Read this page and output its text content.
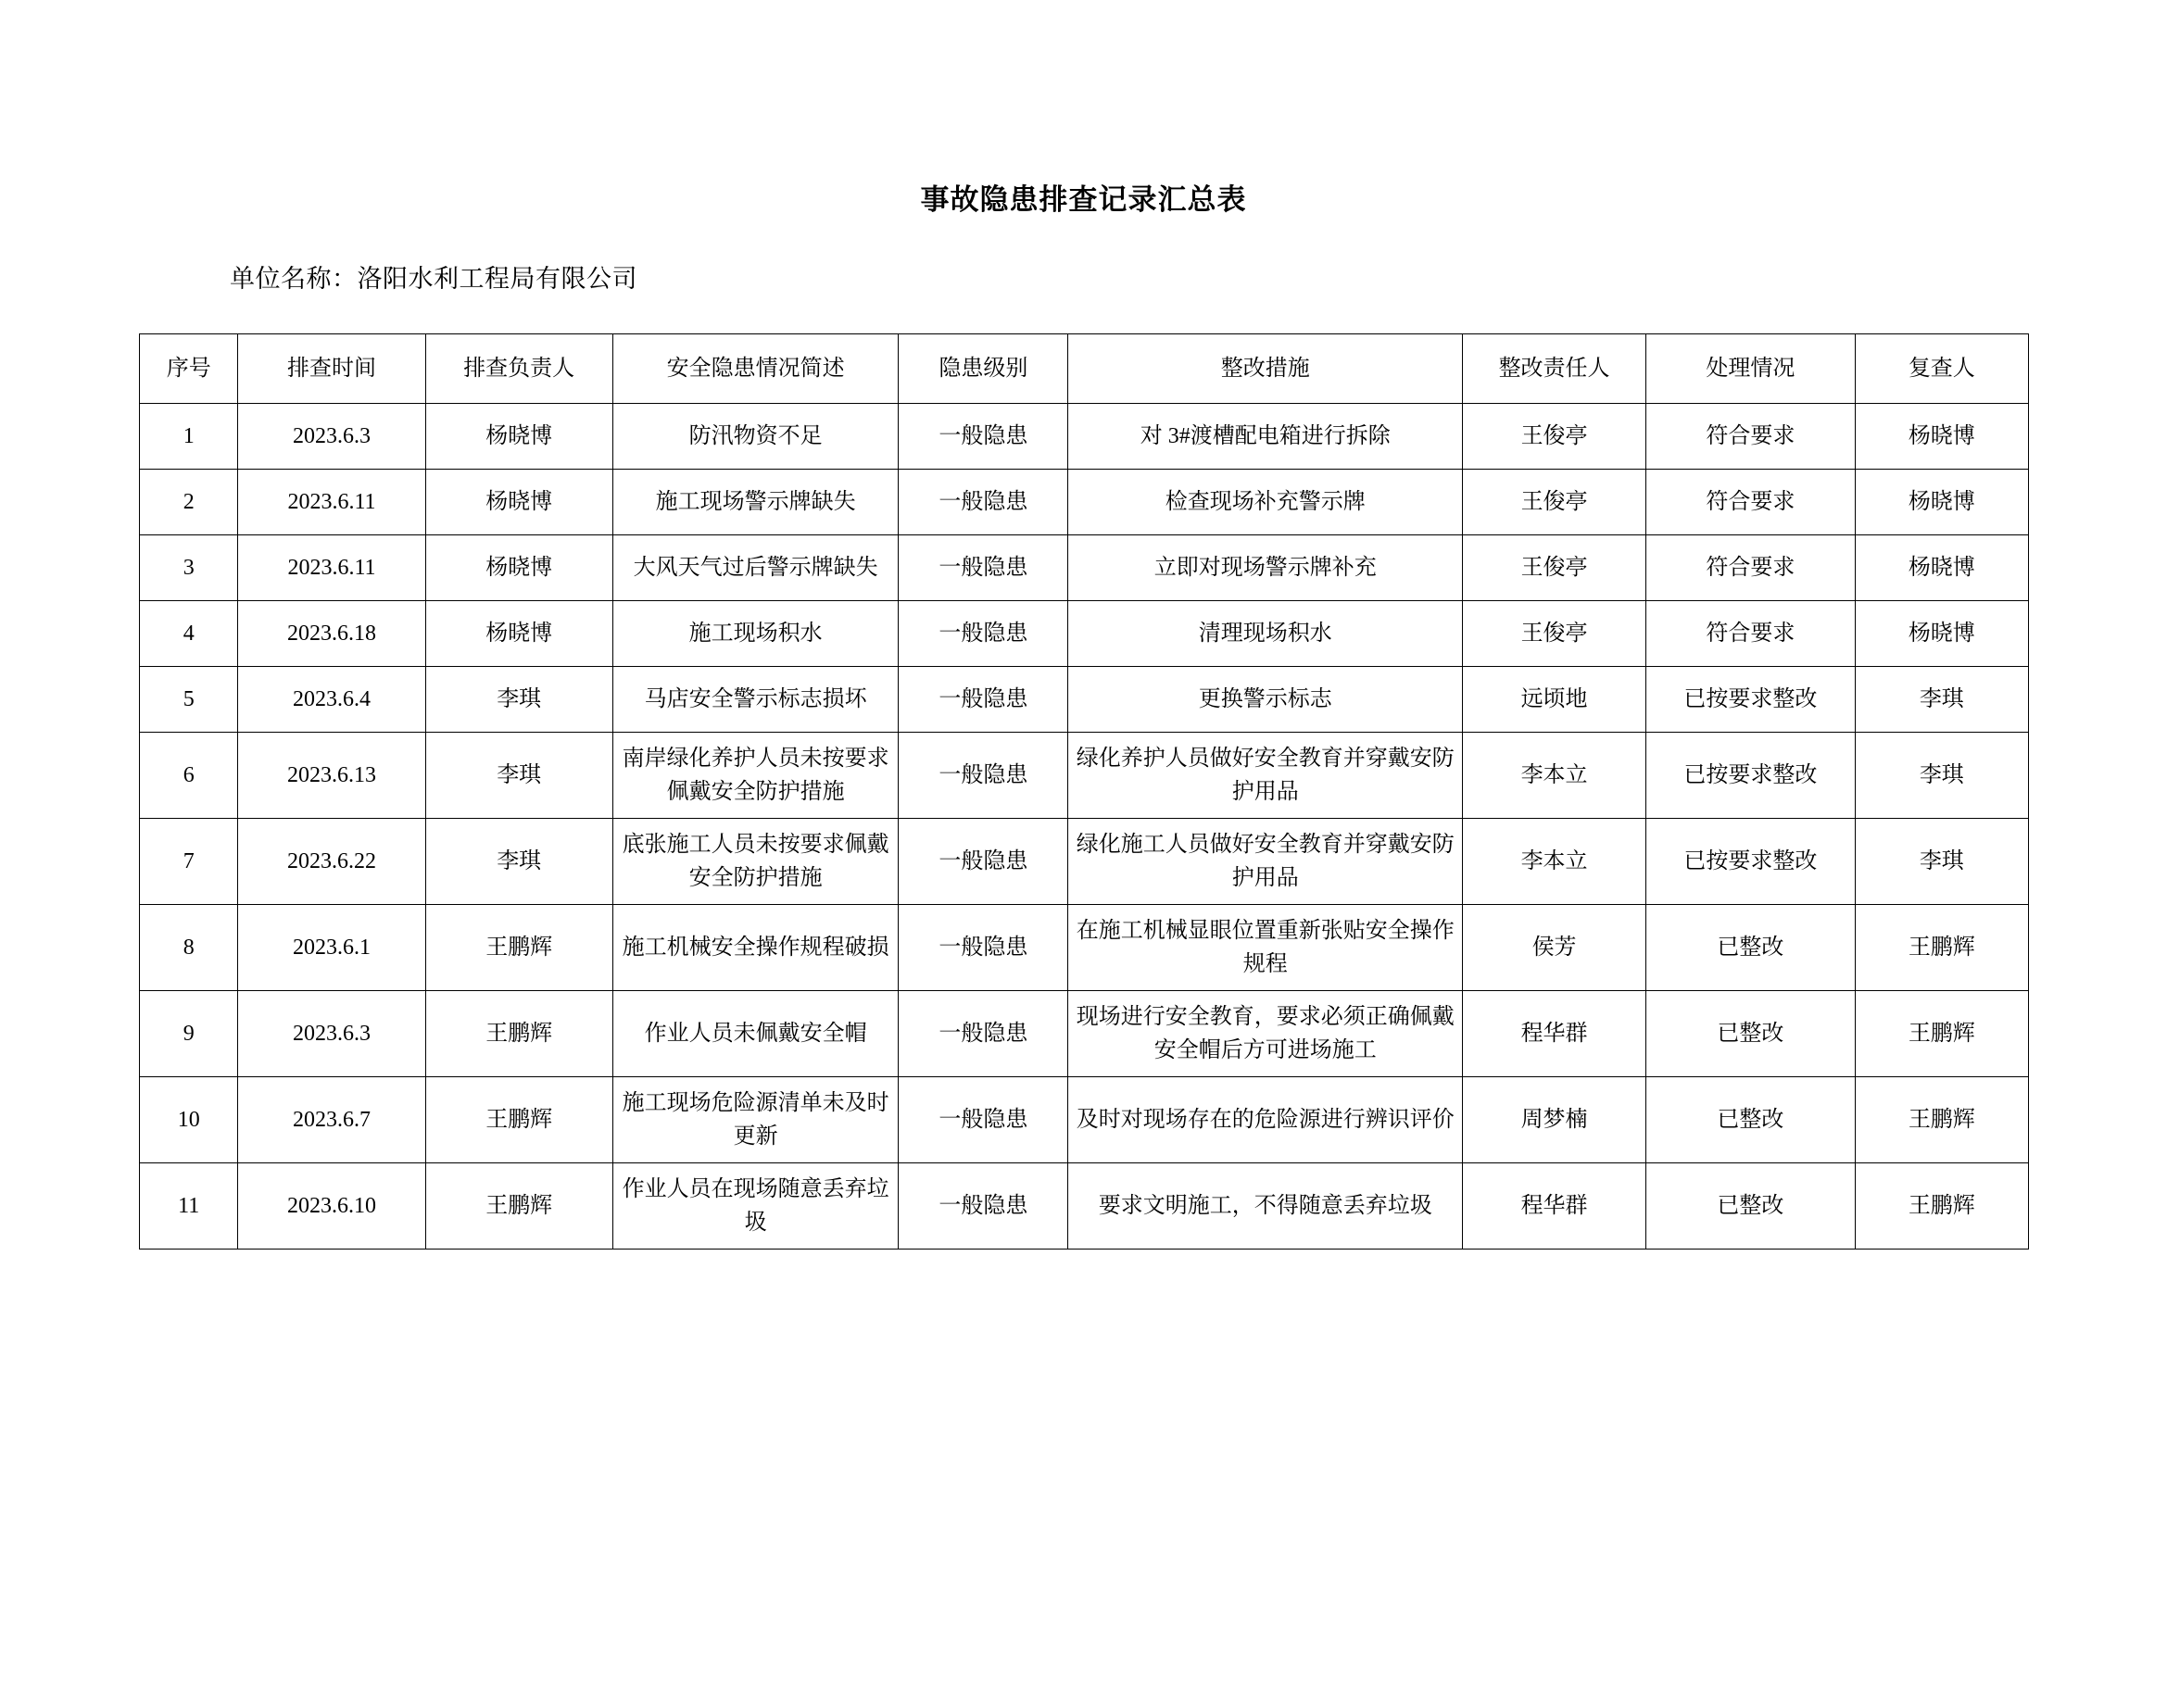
事故隐患排查记录汇总表
单位名称：洛阳水利工程局有限公司
序号	排查时间	排查负责人	安全隐患情况简述	隐患级别	整改措施	整改责任人	处理情况	复查人
1	2023.6.3	杨晓博	防汛物资不足	一般隐患	对 3#渡槽配电箱进行拆除	王俊亭	符合要求	杨晓博
2	2023.6.11	杨晓博	施工现场警示牌缺失	一般隐患	检查现场补充警示牌	王俊亭	符合要求	杨晓博
3	2023.6.11	杨晓博	大风天气过后警示牌缺失	一般隐患	立即对现场警示牌补充	王俊亭	符合要求	杨晓博
4	2023.6.18	杨晓博	施工现场积水	一般隐患	清理现场积水	王俊亭	符合要求	杨晓博
5	2023.6.4	李琪	马店安全警示标志损坏	一般隐患	更换警示标志	远顷地	已按要求整改	李琪
6	2023.6.13	李琪	南岸绿化养护人员未按要求佩戴安全防护措施	一般隐患	绿化养护人员做好安全教育并穿戴安防护用品	李本立	已按要求整改	李琪
7	2023.6.22	李琪	底张施工人员未按要求佩戴安全防护措施	一般隐患	绿化施工人员做好安全教育并穿戴安防护用品	李本立	已按要求整改	李琪
8	2023.6.1	王鹏辉	施工机械安全操作规程破损	一般隐患	在施工机械显眼位置重新张贴安全操作规程	侯芳	已整改	王鹏辉
9	2023.6.3	王鹏辉	作业人员未佩戴安全帽	一般隐患	现场进行安全教育，要求必须正确佩戴安全帽后方可进场施工	程华群	已整改	王鹏辉
10	2023.6.7	王鹏辉	施工现场危险源清单未及时更新	一般隐患	及时对现场存在的危险源进行辨识评价	周梦楠	已整改	王鹏辉
11	2023.6.10	王鹏辉	作业人员在现场随意丢弃垃圾	一般隐患	要求文明施工，不得随意丢弃垃圾	程华群	已整改	王鹏辉
